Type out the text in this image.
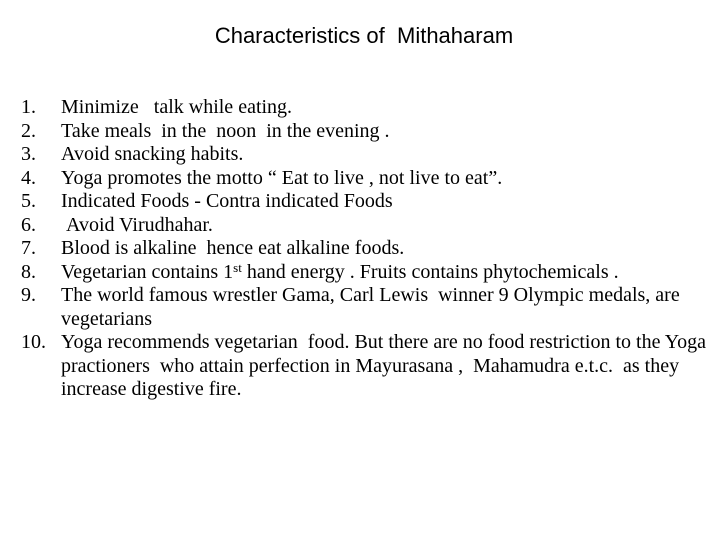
Characteristics of  Mithaharam
1.	Minimize   talk while eating.
2.	Take meals  in the  noon  in the evening .
3.	Avoid snacking habits.
4.	Yoga promotes the motto “ Eat to live , not live to eat”.
5.	Indicated Foods - Contra indicated Foods
6.	Avoid Virudhahar.
7.	Blood is alkaline  hence eat alkaline foods.
8.	Vegetarian contains 1st hand energy . Fruits contains phytochemicals .
9.	The world famous wrestler Gama, Carl Lewis  winner 9 Olympic medals, are vegetarians
10. Yoga recommends vegetarian  food. But there are no food restriction to the Yoga practioners  who attain perfection in Mayurasana ,  Mahamudra e.t.c.  as they increase digestive fire.
